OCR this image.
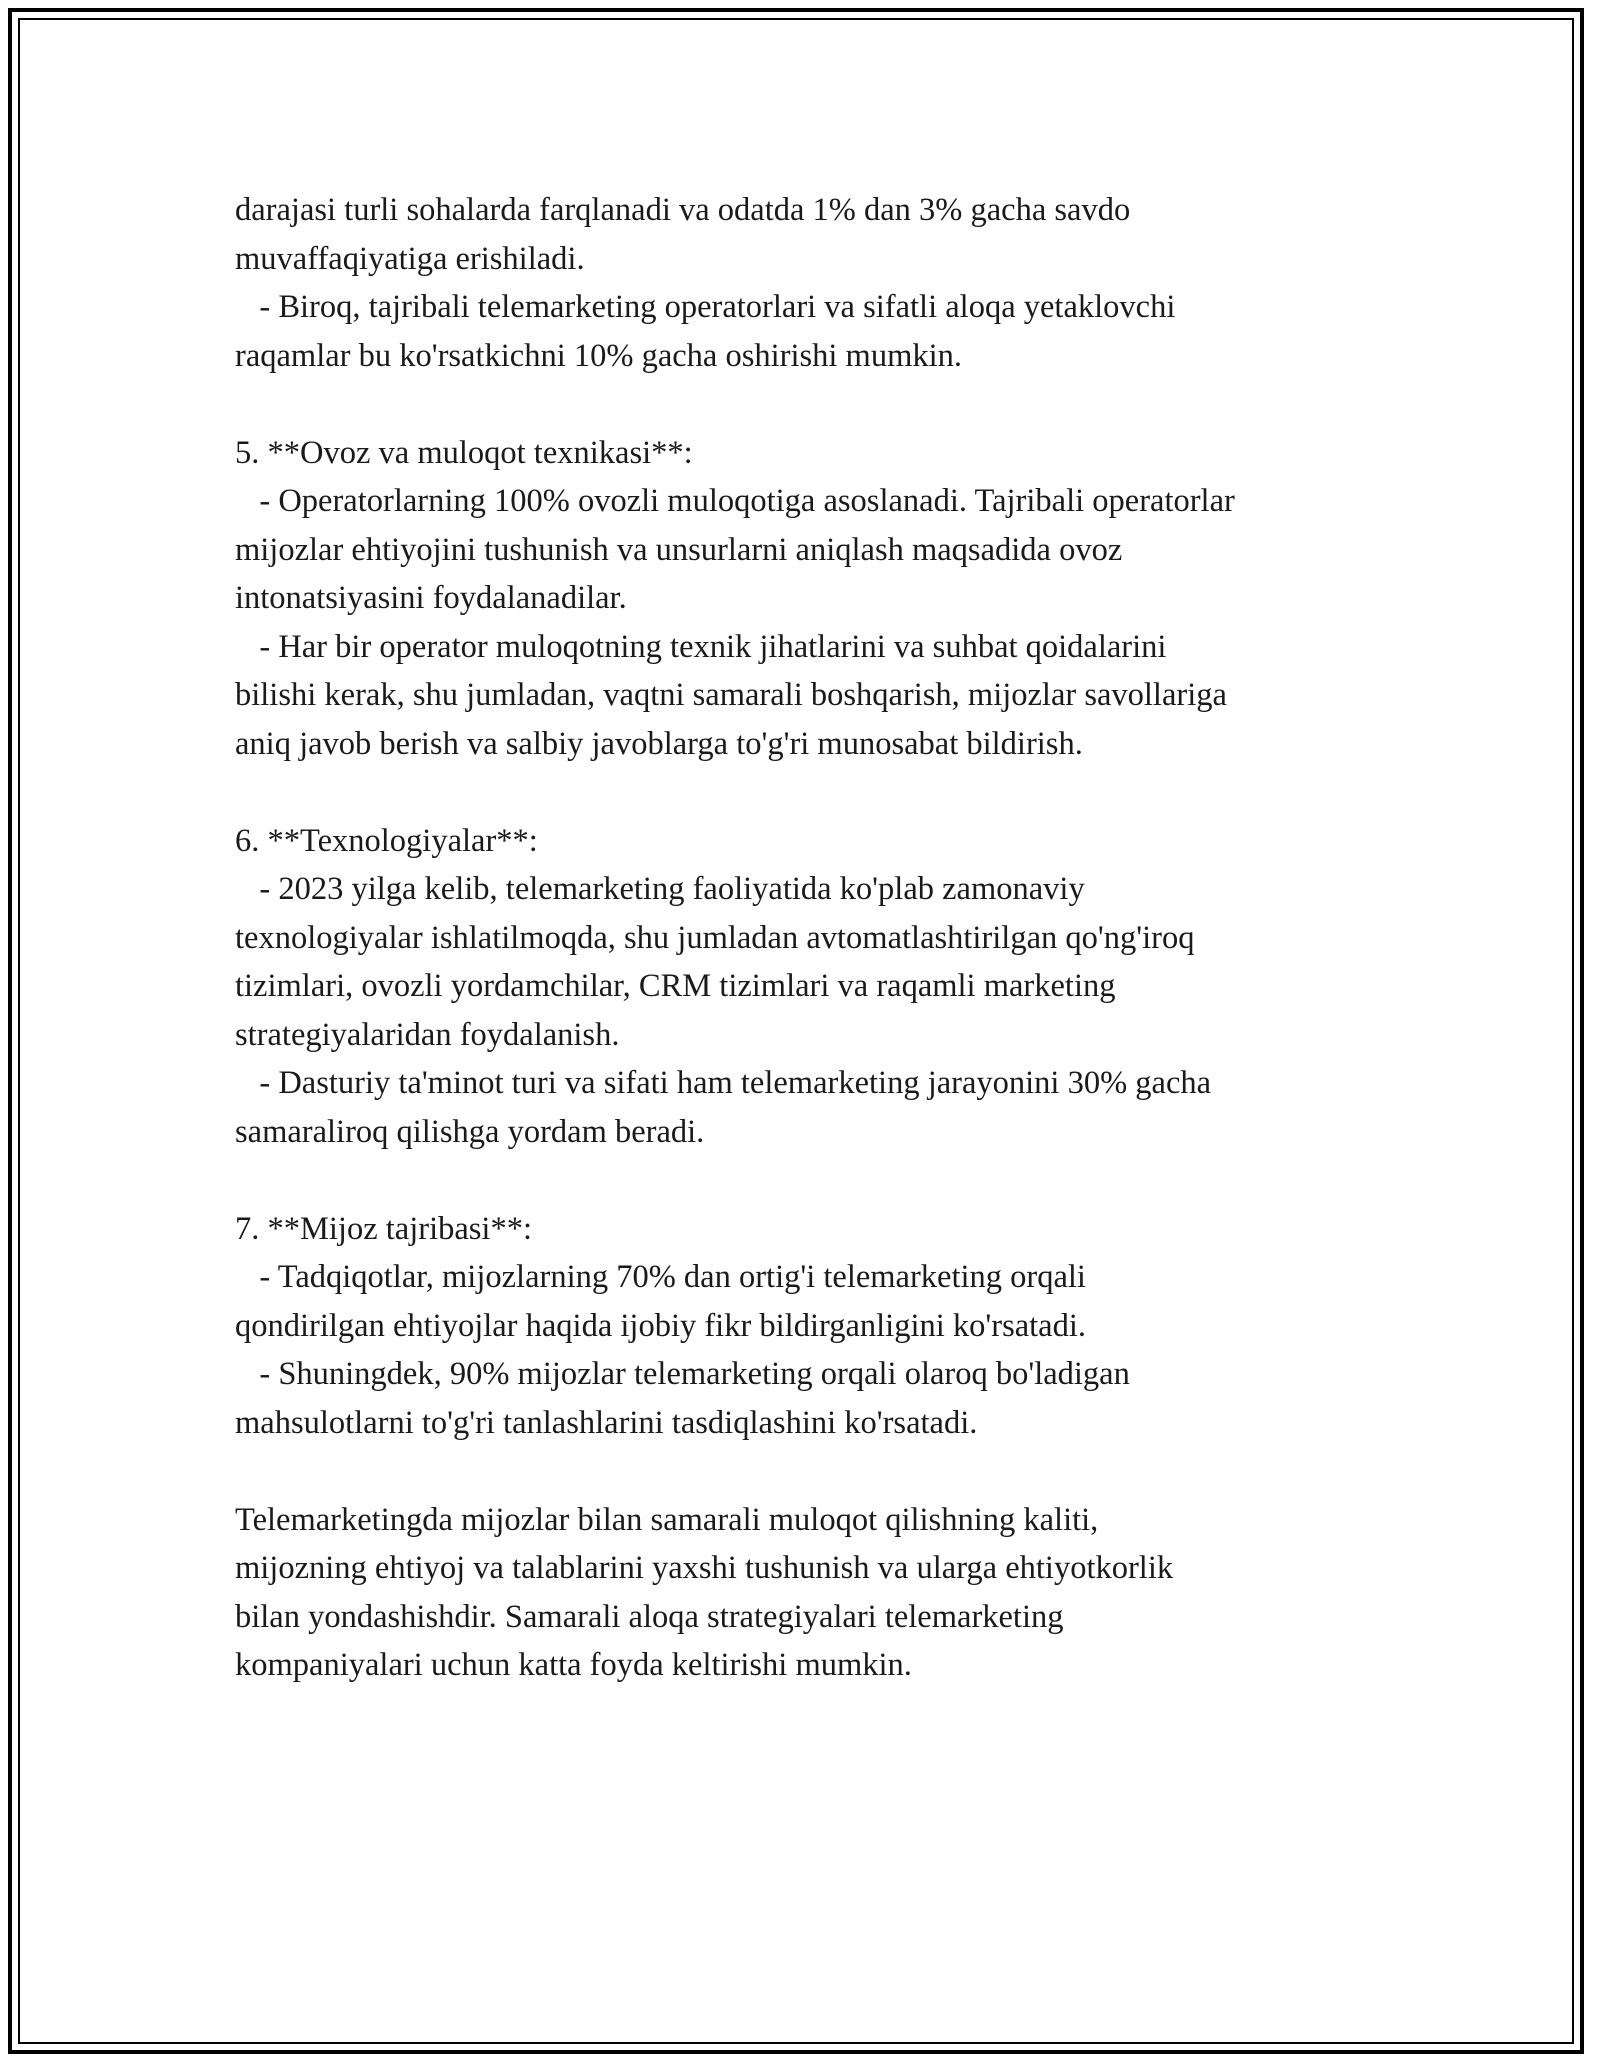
darajasi turli sohalarda farqlanadi va odatda 1% dan 3% gacha savdo
muvaffaqiyatiga erishiladi.
- Biroq, tajribali telemarketing operatorlari va sifatli aloqa yetaklovchi
raqamlar bu ko'rsatkichni 10% gacha oshirishi mumkin.
5. **Ovoz va muloqot texnikasi**:
- Operatorlarning 100% ovozli muloqotiga asoslanadi. Tajribali operatorlar
mijozlar ehtiyojini tushunish va unsurlarni aniqlash maqsadida ovoz
intonatsiyasini foydalanadilar.
- Har bir operator muloqotning texnik jihatlarini va suhbat qoidalarini
bilishi kerak, shu jumladan, vaqtni samarali boshqarish, mijozlar savollariga
aniq javob berish va salbiy javoblarga to'g'ri munosabat bildirish.
6. **Texnologiyalar**:
- 2023 yilga kelib, telemarketing faoliyatida ko'plab zamonaviy
texnologiyalar ishlatilmoqda, shu jumladan avtomatlashtirilgan qo'ng'iroq
tizimlari, ovozli yordamchilar, CRM tizimlari va raqamli marketing
strategiyalaridan foydalanish.
- Dasturiy ta'minot turi va sifati ham telemarketing jarayonini 30% gacha
samaraliroq qilishga yordam beradi.
7. **Mijoz tajribasi**:
- Tadqiqotlar, mijozlarning 70% dan ortig'i telemarketing orqali
qondirilgan ehtiyojlar haqida ijobiy fikr bildirganligini ko'rsatadi.
- Shuningdek, 90% mijozlar telemarketing orqali olaroq bo'ladigan
mahsulotlarni to'g'ri tanlashlarini tasdiqlashini ko'rsatadi.
Telemarketingda mijozlar bilan samarali muloqot qilishning kaliti,
mijozning ehtiyoj va talablarini yaxshi tushunish va ularga ehtiyotkorlik
bilan yondashishdir. Samarali aloqa strategiyalari telemarketing
kompaniyalari uchun katta foyda keltirishi mumkin.
